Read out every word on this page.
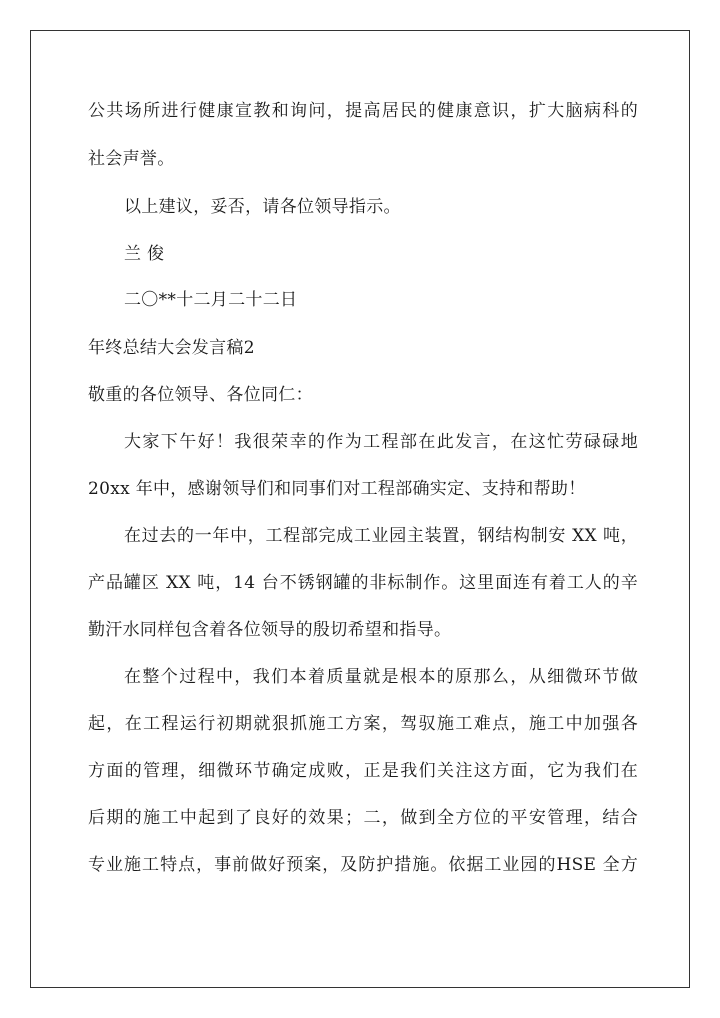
公共场所进行健康宣教和询问，提高居民的健康意识，扩大脑病科的
社会声誉。
以上建议，妥否，请各位领导指示。
兰 俊
二〇**十二月二十二日
年终总结大会发言稿2
敬重的各位领导、各位同仁：
大家下午好！我很荣幸的作为工程部在此发言，在这忙劳碌碌地
20xx 年中，感谢领导们和同事们对工程部确实定、支持和帮助！
在过去的一年中，工程部完成工业园主装置，钢结构制安 XX 吨，
产品罐区 XX 吨，14 台不锈钢罐的非标制作。这里面连有着工人的辛
勤汗水同样包含着各位领导的殷切希望和指导。
在整个过程中，我们本着质量就是根本的原那么，从细微环节做
起，在工程运行初期就狠抓施工方案，驾驭施工难点，施工中加强各
方面的管理，细微环节确定成败，正是我们关注这方面，它为我们在
后期的施工中起到了良好的效果；二，做到全方位的平安管理，结合
专业施工特点，事前做好预案，及防护措施。依据工业园的HSE 全方
